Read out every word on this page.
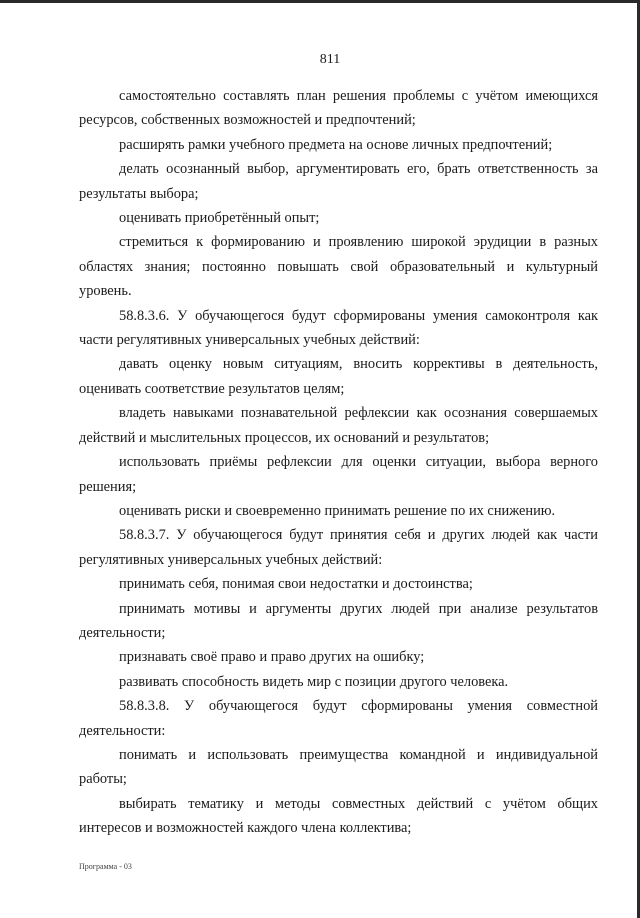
811

самостоятельно составлять план решения проблемы с учётом имеющихся ресурсов, собственных возможностей и предпочтений;

расширять рамки учебного предмета на основе личных предпочтений;

делать осознанный выбор, аргументировать его, брать ответственность за результаты выбора;

оценивать приобретённый опыт;

стремиться к формированию и проявлению широкой эрудиции в разных областях знания; постоянно повышать свой образовательный и культурный уровень.

58.8.3.6. У обучающегося будут сформированы умения самоконтроля как части регулятивных универсальных учебных действий:

давать оценку новым ситуациям, вносить коррективы в деятельность, оценивать соответствие результатов целям;

владеть навыками познавательной рефлексии как осознания совершаемых действий и мыслительных процессов, их оснований и результатов;

использовать приёмы рефлексии для оценки ситуации, выбора верного решения;

оценивать риски и своевременно принимать решение по их снижению.

58.8.3.7. У обучающегося будут принятия себя и других людей как части регулятивных универсальных учебных действий:

принимать себя, понимая свои недостатки и достоинства;

принимать мотивы и аргументы других людей при анализе результатов деятельности;

признавать своё право и право других на ошибку;

развивать способность видеть мир с позиции другого человека.

58.8.3.8. У обучающегося будут сформированы умения совместной деятельности:

понимать и использовать преимущества командной и индивидуальной работы;

выбирать тематику и методы совместных действий с учётом общих интересов и возможностей каждого члена коллектива;

Программа - 03
